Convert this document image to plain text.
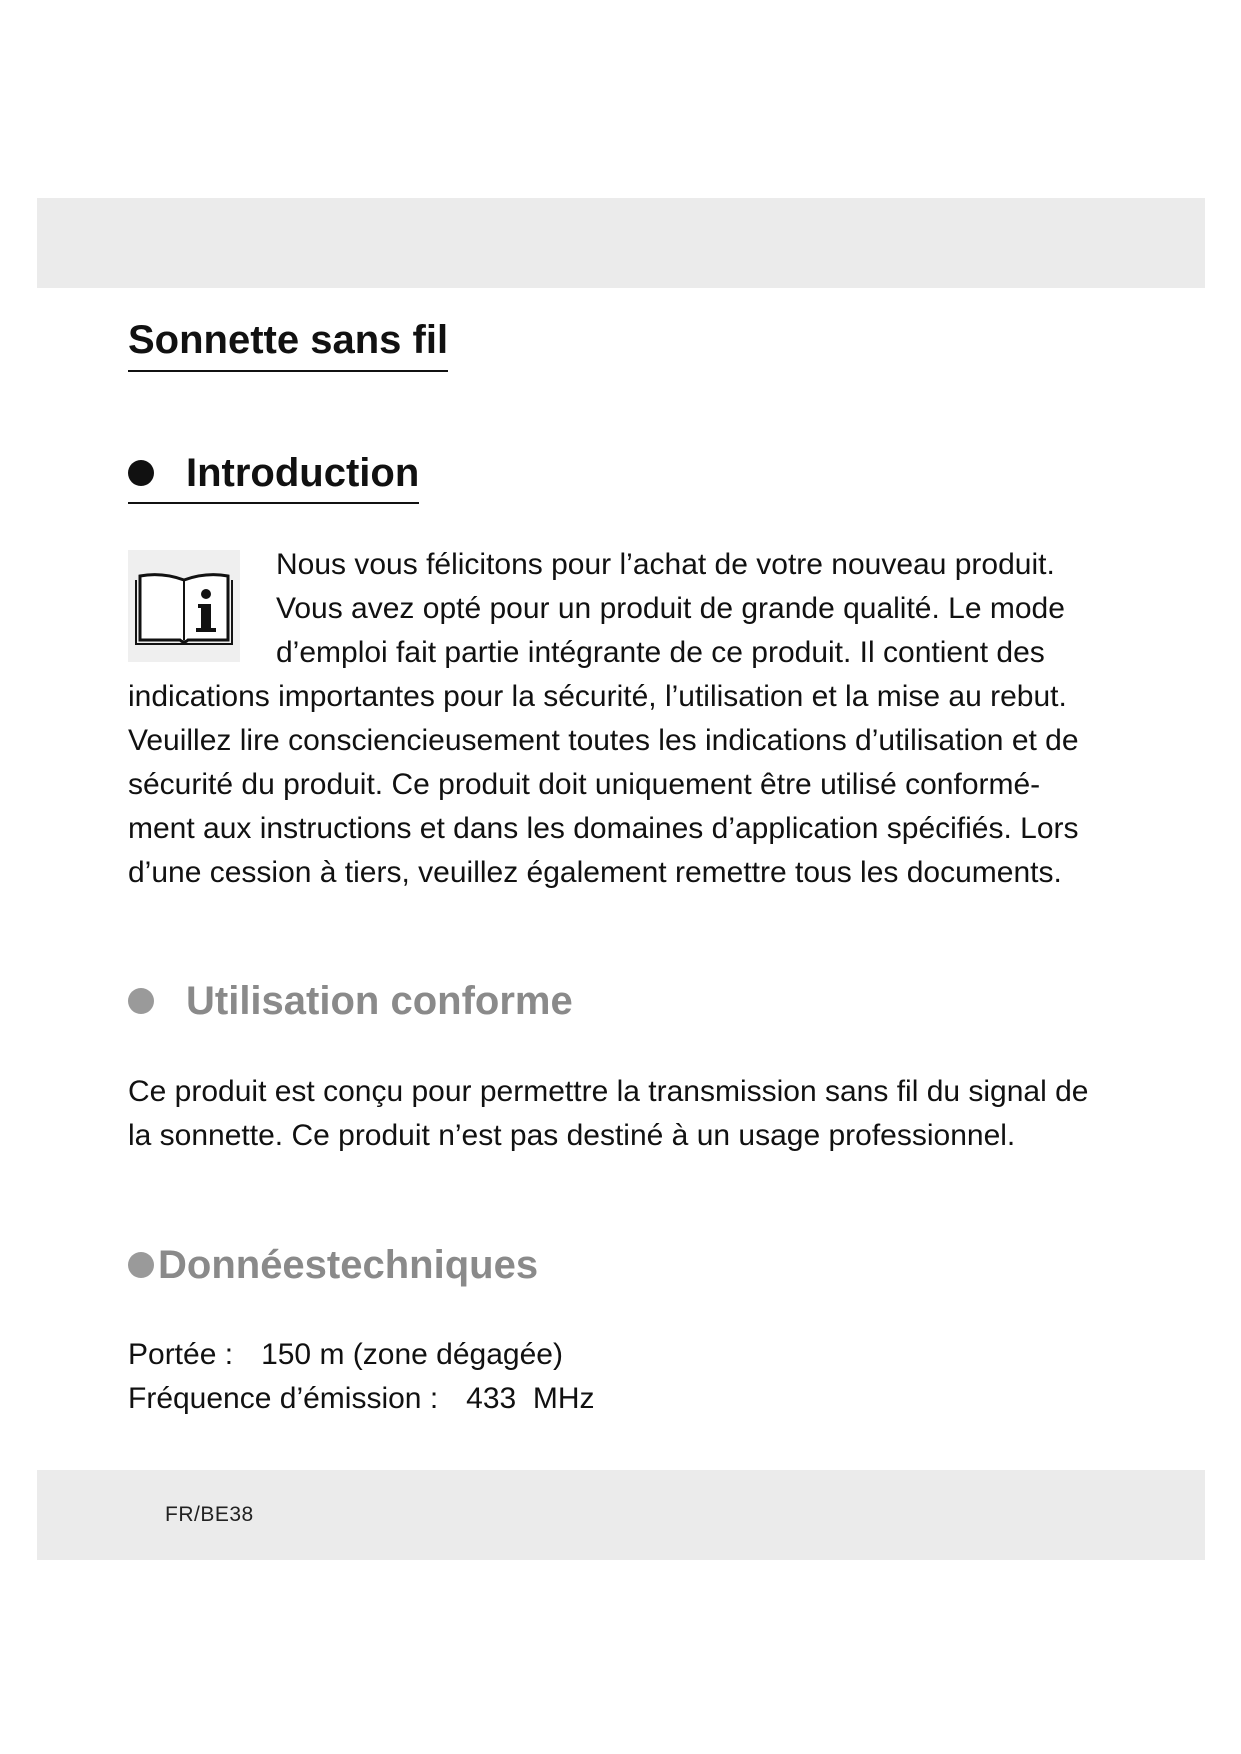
Sonnette sans fil
Introduction
Nous vous félicitons pour l’achat de votre nouveau produit.
Vous avez opté pour un produit de grande qualité. Le mode
d’emploi fait partie intégrante de ce produit. Il contient des
indications importantes pour la sécurité, l’utilisation et la mise au rebut.
Veuillez lire consciencieusement toutes les indications d’utilisation et de
sécurité du produit. Ce produit doit uniquement être utilisé conformé-
ment aux instructions et dans les domaines d’application spécifiés. Lors
d’une cession à tiers, veuillez également remettre tous les documents.
Utilisation conforme
Ce produit est conçu pour permettre la transmission sans fil du signal de
la sonnette. Ce produit n’est pas destiné à un usage professionnel.
Donnéestechniques
Portée : 150 m (zone dégagée)
Fréquence d’émission : 433  MHz
FR/BE38
